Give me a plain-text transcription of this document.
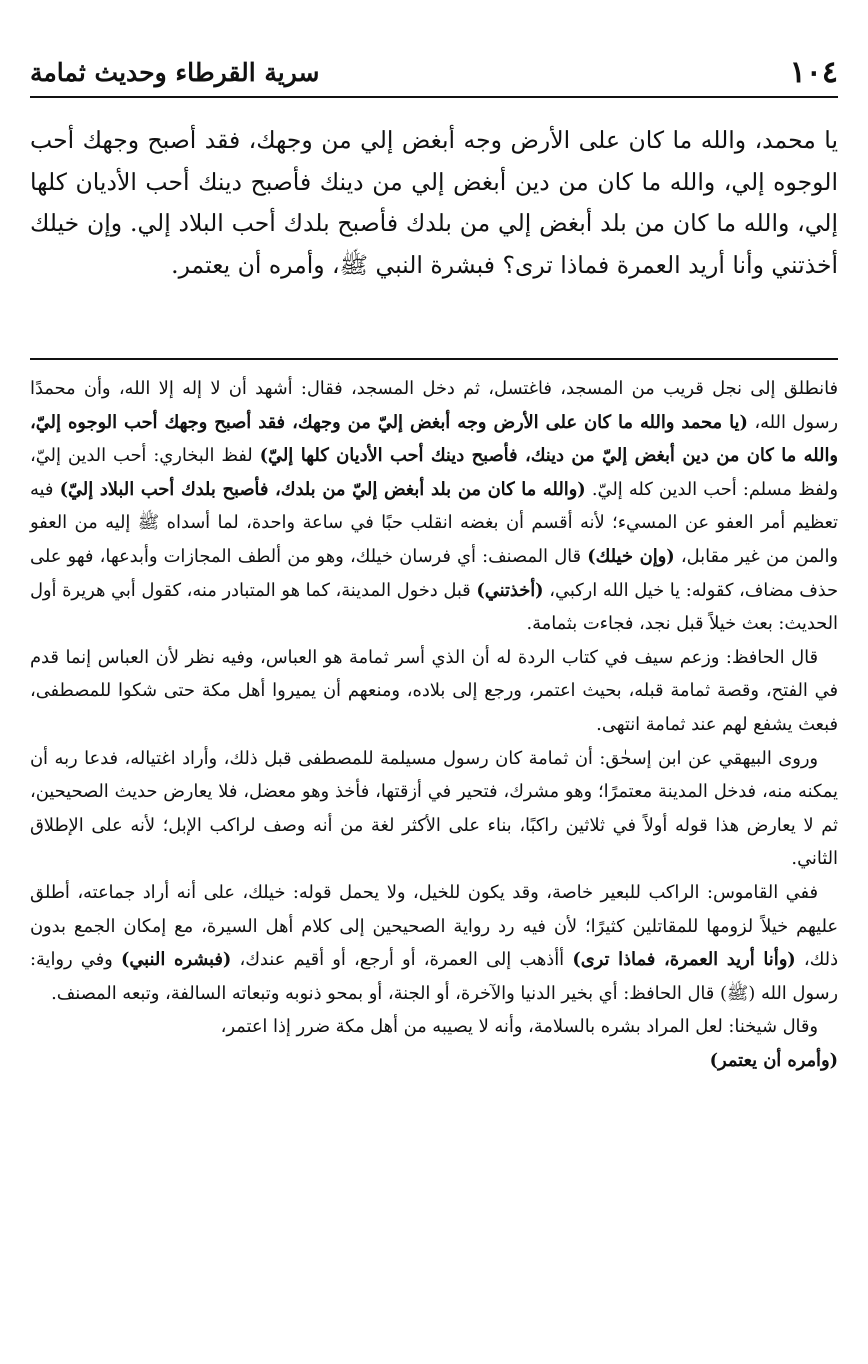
١٠٤
سرية القرطاء وحديث ثمامة
يا محمد، والله ما كان على الأرض وجه أبغض إلي من وجهك، فقد أصبح وجهك أحب الوجوه إلي، والله ما كان من دين أبغض إلي من دينك فأصبح دينك أحب الأديان كلها إلي، والله ما كان من بلد أبغض إلي من بلدك فأصبح بلدك أحب البلاد إلي. وإن خيلك أخذتني وأنا أريد العمرة فماذا ترى؟ فبشرة النبي ﷺ، وأمره أن يعتمر.

فانطلق إلى نجل قريب من المسجد، فاغتسل، ثم دخل المسجد، فقال: أشهد أن لا إله إلا الله، وأن محمدًا رسول الله، (يا محمد والله ما كان على الأرض وجه أبغض إليّ من وجهك، فقد أصبح وجهك أحب الوجوه إليّ، والله ما كان من دين أبغض إليّ من دينك، فأصبح دينك أحب الأديان كلها إليّ) لفظ البخاري: أحب الدين إليّ، ولفظ مسلم: أحب الدين كله إليّ. (والله ما كان من بلد أبغض إليّ من بلدك، فأصبح بلدك أحب البلاد إليّ) فيه تعظيم أمر العفو عن المسيء؛ لأنه أقسم أن بغضه انقلب حبًا في ساعة واحدة، لما أسداه ﷺ إليه من العفو والمن من غير مقابل، (وإن خيلك) قال المصنف: أي فرسان خيلك، وهو من ألطف المجازات وأبدعها، فهو على حذف مضاف، كقوله: يا خيل الله اركبي، (أخذتني) قبل دخول المدينة، كما هو المتبادر منه، كقول أبي هريرة أول الحديث: بعث خيلاً قبل نجد، فجاءت بثمامة.

قال الحافظ: وزعم سيف في كتاب الردة له أن الذي أسر ثمامة هو العباس، وفيه نظر لأن العباس إنما قدم في الفتح، وقصة ثمامة قبله، بحيث اعتمر، ورجع إلى بلاده، ومنعهم أن يميروا أهل مكة حتى شكوا للمصطفى، فبعث يشفع لهم عند ثمامة انتهى.

وروى البيهقي عن ابن إسحٰق: أن ثمامة كان رسول مسيلمة للمصطفى قبل ذلك، وأراد اغتياله، فدعا ربه أن يمكنه منه، فدخل المدينة معتمرًا؛ وهو مشرك، فتحير في أزقتها، فأخذ وهو معضل، فلا يعارض حديث الصحيحين، ثم لا يعارض هذا قوله أولاً في ثلاثين راكبًا، بناء على الأكثر لغة من أنه وصف لراكب الإبل؛ لأنه على الإطلاق الثاني.

ففي القاموس: الراكب للبعير خاصة، وقد يكون للخيل، ولا يحمل قوله: خيلك، على أنه أراد جماعته، أطلق عليهم خيلاً لزومها للمقاتلين كثيرًا؛ لأن فيه رد رواية الصحيحين إلى كلام أهل السيرة، مع إمكان الجمع بدون ذلك، (وأنا أريد العمرة، فماذا ترى) أأذهب إلى العمرة، أو أرجع، أو أقيم عندك، (فبشره النبي) وفي رواية: رسول الله (ﷺ) قال الحافظ: أي بخير الدنيا والآخرة، أو الجنة، أو بمحو ذنوبه وتبعاته السالفة، وتبعه المصنف.

وقال شيخنا: لعل المراد بشره بالسلامة، وأنه لا يصيبه من أهل مكة ضرر إذا اعتمر،
(وأمره أن يعتمر)
